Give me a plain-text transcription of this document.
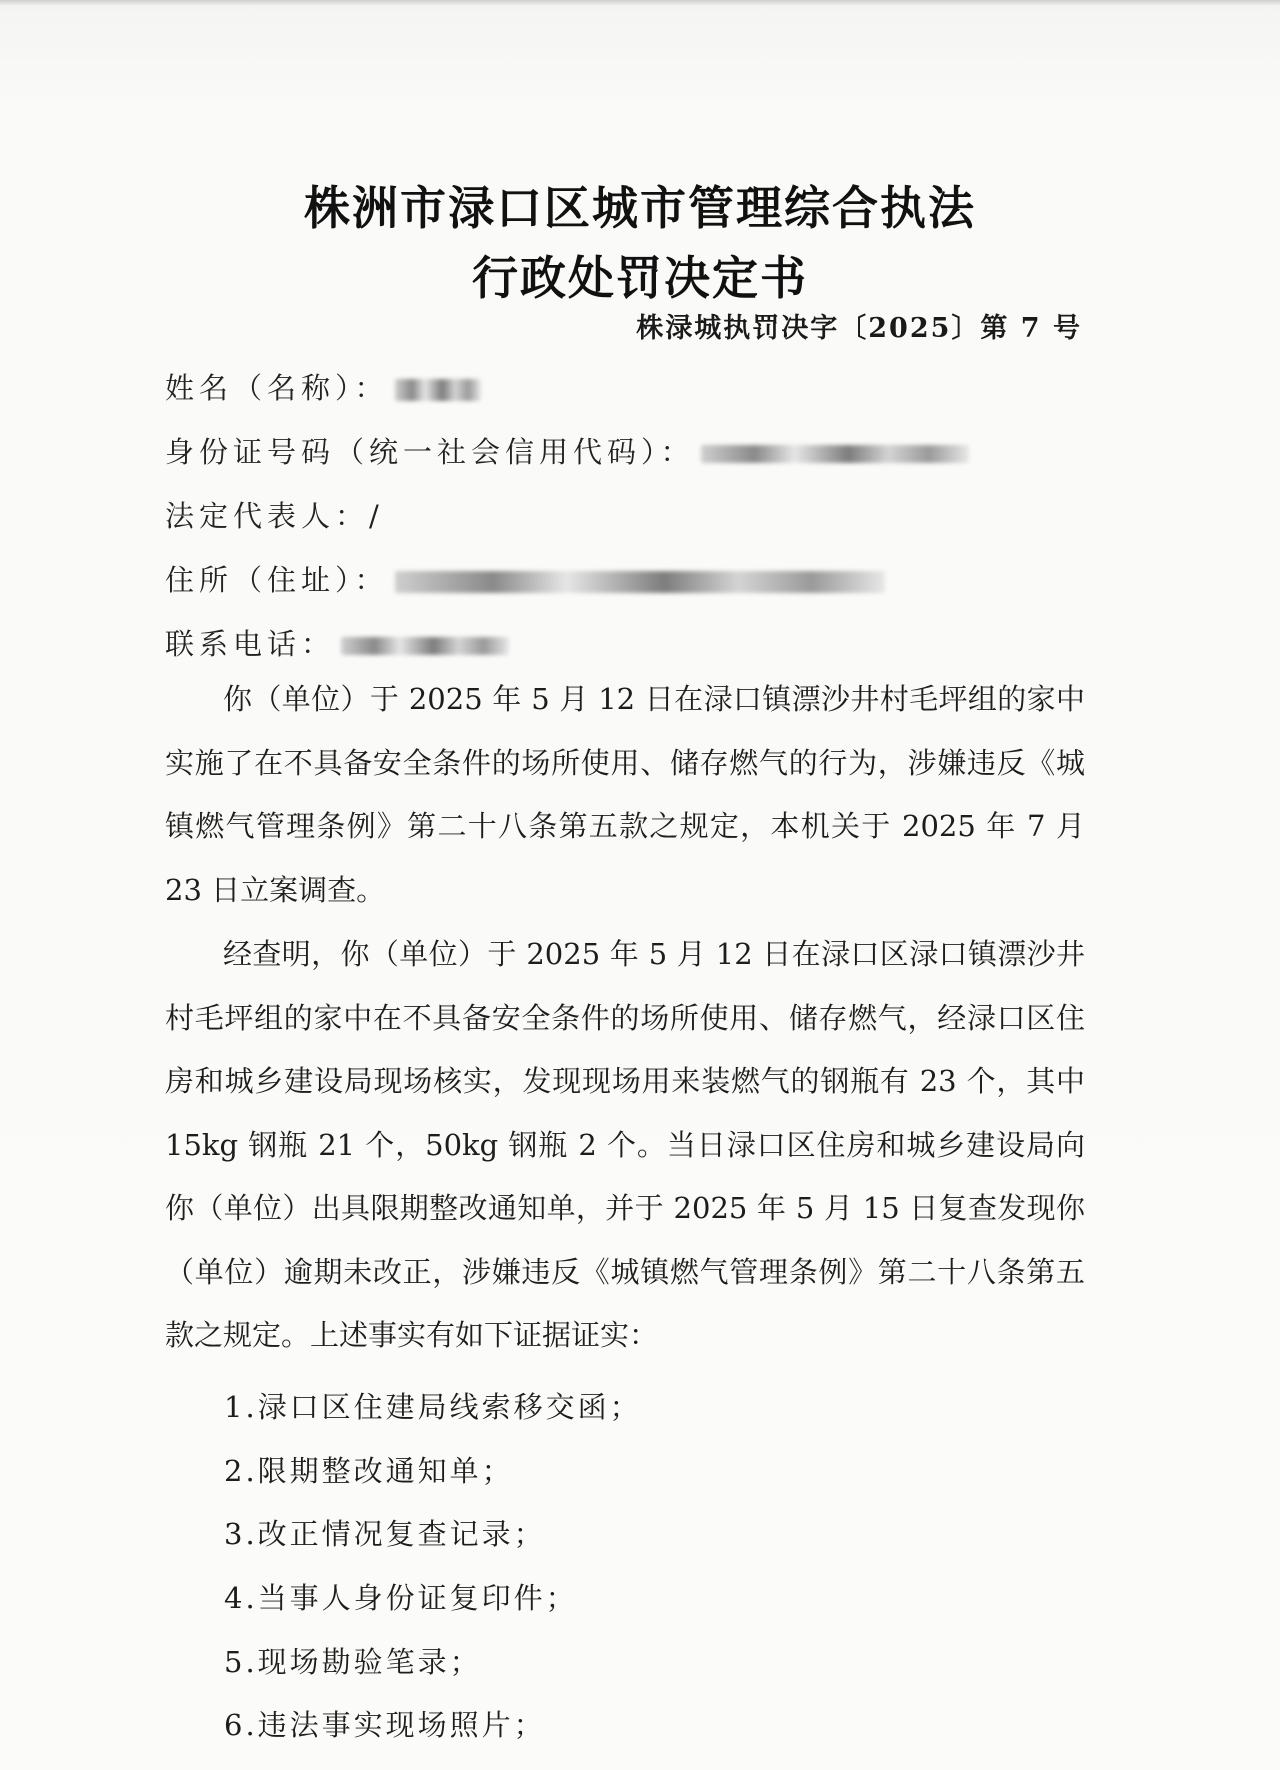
株洲市渌口区城市管理综合执法
行政处罚决定书
株渌城执罚决字〔2025〕第 7 号
姓名（名称）：
身份证号码（统一社会信用代码）：
法定代表人：/
住所（住址）：
联系电话：

你（单位）于 2025 年 5 月 12 日在渌口镇漂沙井村毛坪组的家中实施了在不具备安全条件的场所使用、储存燃气的行为，涉嫌违反《城镇燃气管理条例》第二十八条第五款之规定，本机关于 2025 年 7 月 23 日立案调查。

经查明，你（单位）于 2025 年 5 月 12 日在渌口区渌口镇漂沙井村毛坪组的家中在不具备安全条件的场所使用、储存燃气，经渌口区住房和城乡建设局现场核实，发现现场用来装燃气的钢瓶有 23 个，其中 15kg 钢瓶 21 个，50kg 钢瓶 2 个。当日渌口区住房和城乡建设局向你（单位）出具限期整改通知单，并于 2025 年 5 月 15 日复查发现你（单位）逾期未改正，涉嫌违反《城镇燃气管理条例》第二十八条第五款之规定。上述事实有如下证据证实：

1.渌口区住建局线索移交函；
2.限期整改通知单；
3.改正情况复查记录；
4.当事人身份证复印件；
5.现场勘验笔录；
6.违法事实现场照片；
